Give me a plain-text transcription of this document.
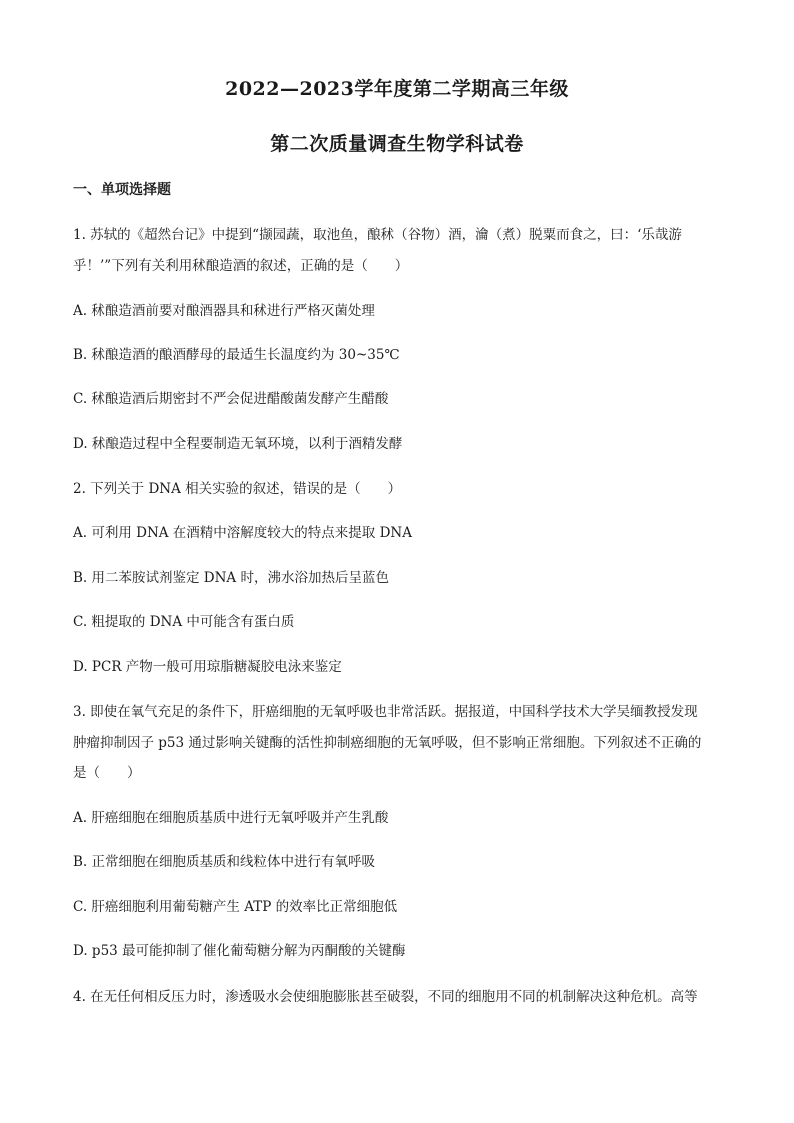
2022—2023学年度第二学期高三年级
第二次质量调查生物学科试卷
一、单项选择题
1. 苏轼的《超然台记》中提到“撷园蔬，取池鱼，酿秫（谷物）酒，瀹（煮）脱粟而食之，曰：‘乐哉游
乎！’”下列有关利用秫酿造酒的叙述，正确的是（　　）
A. 秫酿造酒前要对酿酒器具和秫进行严格灭菌处理
B. 秫酿造酒的酿酒酵母的最适生长温度约为 30~35℃
C. 秫酿造酒后期密封不严会促进醋酸菌发酵产生醋酸
D. 秫酿造过程中全程要制造无氧环境，以利于酒精发酵
2. 下列关于 DNA 相关实验的叙述，错误的是（　　）
A. 可利用 DNA 在酒精中溶解度较大的特点来提取 DNA
B. 用二苯胺试剂鉴定 DNA 时，沸水浴加热后呈蓝色
C. 粗提取的 DNA 中可能含有蛋白质
D. PCR 产物一般可用琼脂糖凝胶电泳来鉴定
3. 即使在氧气充足的条件下，肝癌细胞的无氧呼吸也非常活跃。据报道，中国科学技术大学吴缅教授发现
肿瘤抑制因子 p53 通过影响关键酶的活性抑制癌细胞的无氧呼吸，但不影响正常细胞。下列叙述不正确的
是（　　）
A. 肝癌细胞在细胞质基质中进行无氧呼吸并产生乳酸
B. 正常细胞在细胞质基质和线粒体中进行有氧呼吸
C. 肝癌细胞利用葡萄糖产生 ATP 的效率比正常细胞低
D. p53 最可能抑制了催化葡萄糖分解为丙酮酸的关键酶
4. 在无任何相反压力时，渗透吸水会使细胞膨胀甚至破裂，不同的细胞用不同的机制解决这种危机。高等
